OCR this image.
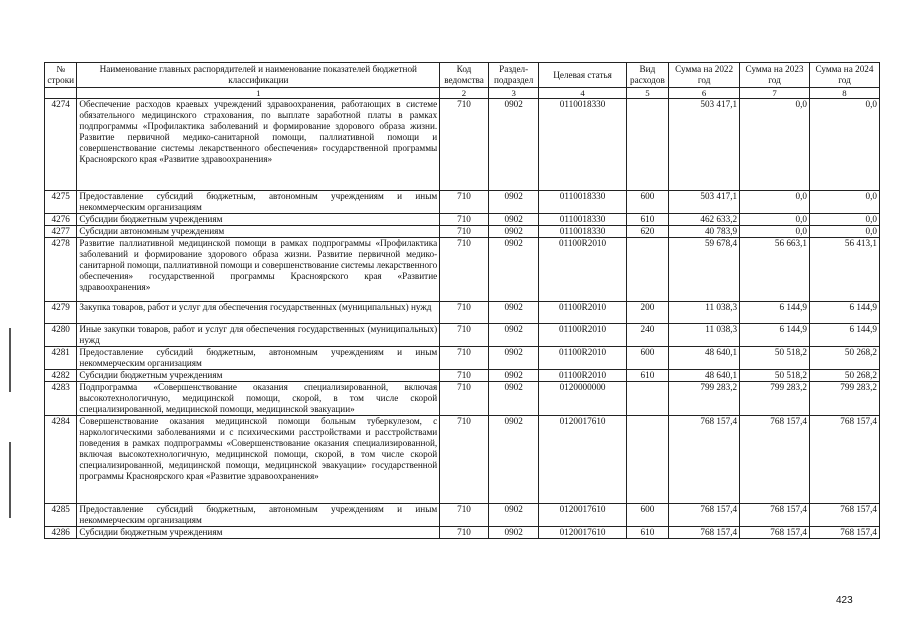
№ строки	Наименование главных распорядителей и наименование показателей бюджетной классификации	Код ведомства	Раздел-подраздел	Целевая статья	Вид расходов	Сумма на 2022 год	Сумма на 2023 год	Сумма на 2024 год
	1	2	3	4	5	6	7	8
4274	Обеспечение расходов краевых учреждений здравоохранения, работающих в системе обязательного медицинского страхования, по выплате заработной платы в рамках подпрограммы «Профилактика заболеваний и формирование здорового образа жизни. Развитие первичной медико-санитарной помощи, паллиативной помощи и совершенствование системы лекарственного обеспечения» государственной программы Красноярского края «Развитие здравоохранения»	710	0902	0110018330		503 417,1	0,0	0,0
4275	Предоставление субсидий бюджетным, автономным учреждениям и иным некоммерческим организациям	710	0902	0110018330	600	503 417,1	0,0	0,0
4276	Субсидии бюджетным учреждениям	710	0902	0110018330	610	462 633,2	0,0	0,0
4277	Субсидии автономным учреждениям	710	0902	0110018330	620	40 783,9	0,0	0,0
4278	Развитие паллиативной медицинской помощи в рамках подпрограммы «Профилактика заболеваний и формирование здорового образа жизни. Развитие первичной медико-санитарной помощи, паллиативной помощи и совершенствование системы лекарственного обеспечения» государственной программы Красноярского края «Развитие здравоохранения»	710	0902	01100R2010		59 678,4	56 663,1	56 413,1
4279	Закупка товаров, работ и услуг для обеспечения государственных (муниципальных) нужд	710	0902	01100R2010	200	11 038,3	6 144,9	6 144,9
4280	Иные закупки товаров, работ и услуг для обеспечения государственных (муниципальных) нужд	710	0902	01100R2010	240	11 038,3	6 144,9	6 144,9
4281	Предоставление субсидий бюджетным, автономным учреждениям и иным некоммерческим организациям	710	0902	01100R2010	600	48 640,1	50 518,2	50 268,2
4282	Субсидии бюджетным учреждениям	710	0902	01100R2010	610	48 640,1	50 518,2	50 268,2
4283	Подпрограмма «Совершенствование оказания специализированной, включая высокотехнологичную, медицинской помощи, скорой, в том числе скорой специализированной, медицинской помощи, медицинской эвакуации»	710	0902	0120000000		799 283,2	799 283,2	799 283,2
4284	Совершенствование оказания медицинской помощи больным туберкулезом, с наркологическими заболеваниями и с психическими расстройствами и расстройствами поведения в рамках подпрограммы «Совершенствование оказания специализированной, включая высокотехнологичную, медицинской помощи, скорой, в том числе скорой специализированной, медицинской помощи, медицинской эвакуации» государственной программы Красноярского края «Развитие здравоохранения»	710	0902	0120017610		768 157,4	768 157,4	768 157,4
4285	Предоставление субсидий бюджетным, автономным учреждениям и иным некоммерческим организациям	710	0902	0120017610	600	768 157,4	768 157,4	768 157,4
4286	Субсидии бюджетным учреждениям	710	0902	0120017610	610	768 157,4	768 157,4	768 157,4
423
